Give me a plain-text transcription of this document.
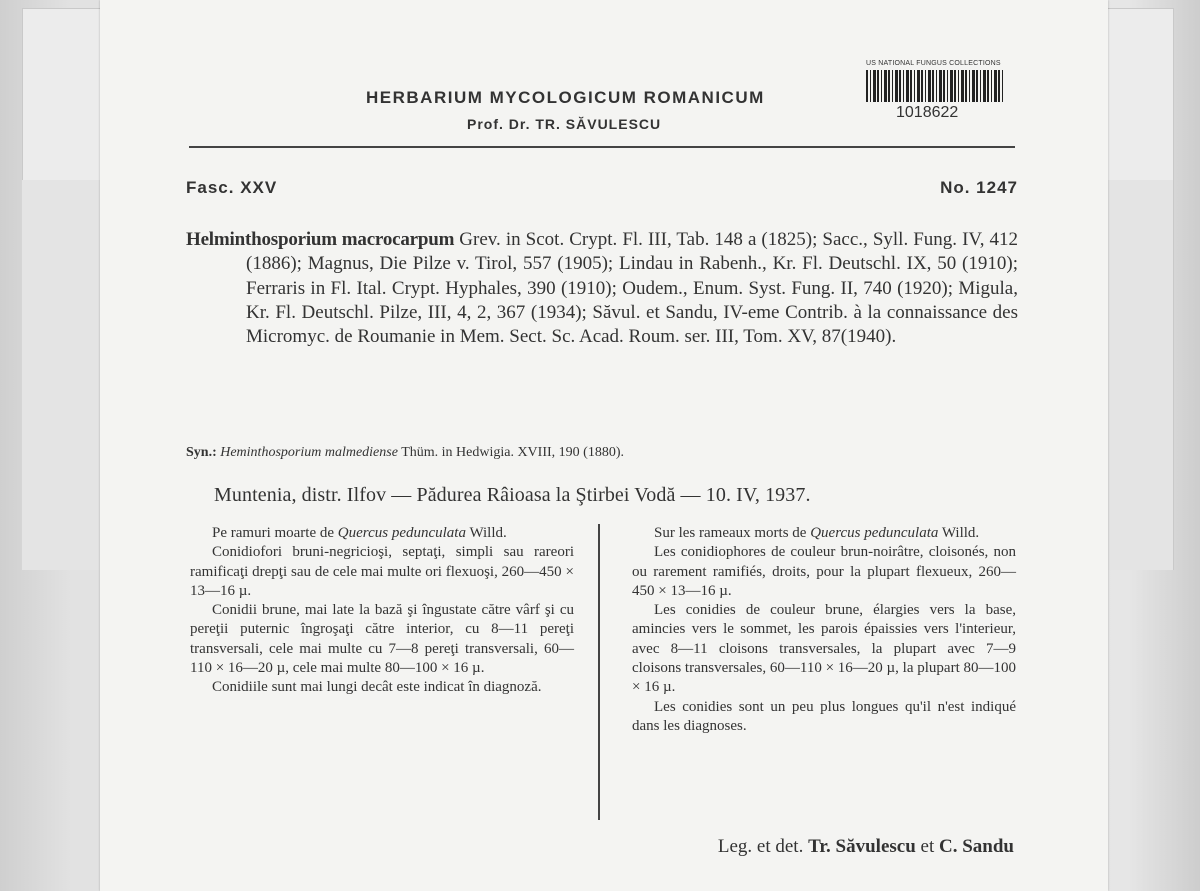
HERBARIUM MYCOLOGICUM ROMANICUM
Prof. Dr. TR. SĂVULESCU
US NATIONAL FUNGUS COLLECTIONS
1018622
Fasc. XXV	No. 1247
Helminthosporium macrocarpum Grev. in Scot. Crypt. Fl. III, Tab. 148 a (1825); Sacc., Syll. Fung. IV, 412 (1886); Magnus, Die Pilze v. Tirol, 557 (1905); Lindau in Rabenh., Kr. Fl. Deutschl. IX, 50 (1910); Ferraris in Fl. Ital. Crypt. Hyphales, 390 (1910); Oudem., Enum. Syst. Fung. II, 740 (1920); Migula, Kr. Fl. Deutschl. Pilze, III, 4, 2, 367 (1934); Săvul. et Sandu, IV-eme Contrib. à la connaissance des Micromyc. de Roumanie in Mem. Sect. Sc. Acad. Roum. ser. III, Tom. XV, 87(1940).
Syn.: Heminthosporium malmediense Thüm. in Hedwigia. XVIII, 190 (1880).
Muntenia, distr. Ilfov — Pădurea Râioasa la Ştirbei Vodă — 10. IV, 1937.

Pe ramuri moarte de Quercus pedunculata Willd.

Conidiofori bruni-negricioşi, septaţi, simpli sau rareori ramificaţi drepţi sau de cele mai multe ori flexuoşi, 260—450 × 13—16 µ.

Conidii brune, mai late la bază şi îngustate către vârf şi cu pereţii puternic îngroşaţi către interior, cu 8—11 pereţi transversali, cele mai multe cu 7—8 pereţi transversali, 60—110 × 16—20 µ, cele mai multe 80—100 × 16 µ.

Conidiile sunt mai lungi decât este indicat în diagnoză.

Sur les rameaux morts de Quercus pedunculata Willd.

Les conidiophores de couleur brun-noirâtre, cloisonés, non ou rarement ramifiés, droits, pour la plupart flexueux, 260—450 × 13—16 µ.

Les conidies de couleur brune, élargies vers la base, amincies vers le sommet, les parois épaissies vers l'interieur, avec 8—11 cloisons transversales, la plupart avec 7—9 cloisons transversales, 60—110 × 16—20 µ, la plupart 80—100 × 16 µ.

Les conidies sont un peu plus longues qu'il n'est indiqué dans les diagnoses.

Leg. et det. Tr. Săvulescu et C. Sandu
